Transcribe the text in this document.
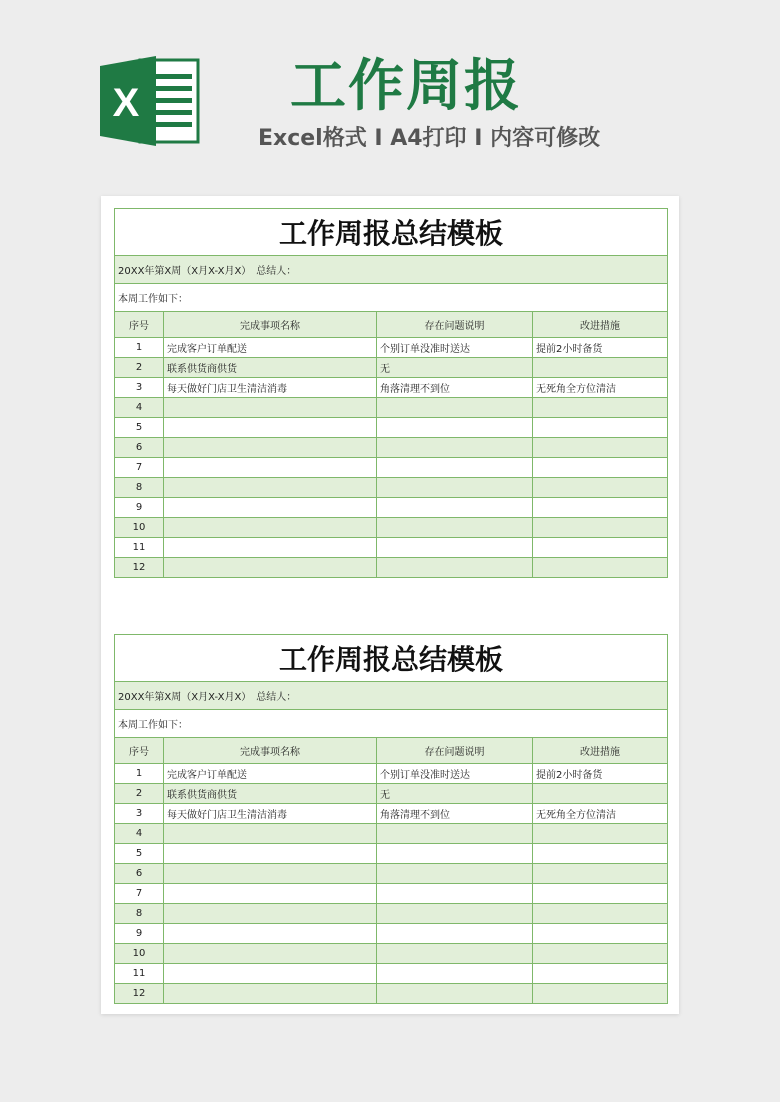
X	工作周报
Excel格式 I A4打印 I 内容可修改
工作周报总结模板			
20XX年第X周（X月X-X月X）　 总结人：			
本周工作如下：			
序号	完成事项名称	存在问题说明	改进措施
1	完成客户订单配送	个别订单没准时送达	提前2小时备货
2	联系供货商供货	无	
3	每天做好门店卫生清洁消毒	角落清理不到位	无死角全方位清洁
4			
5			
6			
7			
8			
9			
10			
11			
12			
工作周报总结模板			
20XX年第X周（X月X-X月X）　 总结人：			
本周工作如下：			
序号	完成事项名称	存在问题说明	改进措施
1	完成客户订单配送	个别订单没准时送达	提前2小时备货
2	联系供货商供货	无	
3	每天做好门店卫生清洁消毒	角落清理不到位	无死角全方位清洁
4			
5			
6			
7			
8			
9			
10			
11			
12			
